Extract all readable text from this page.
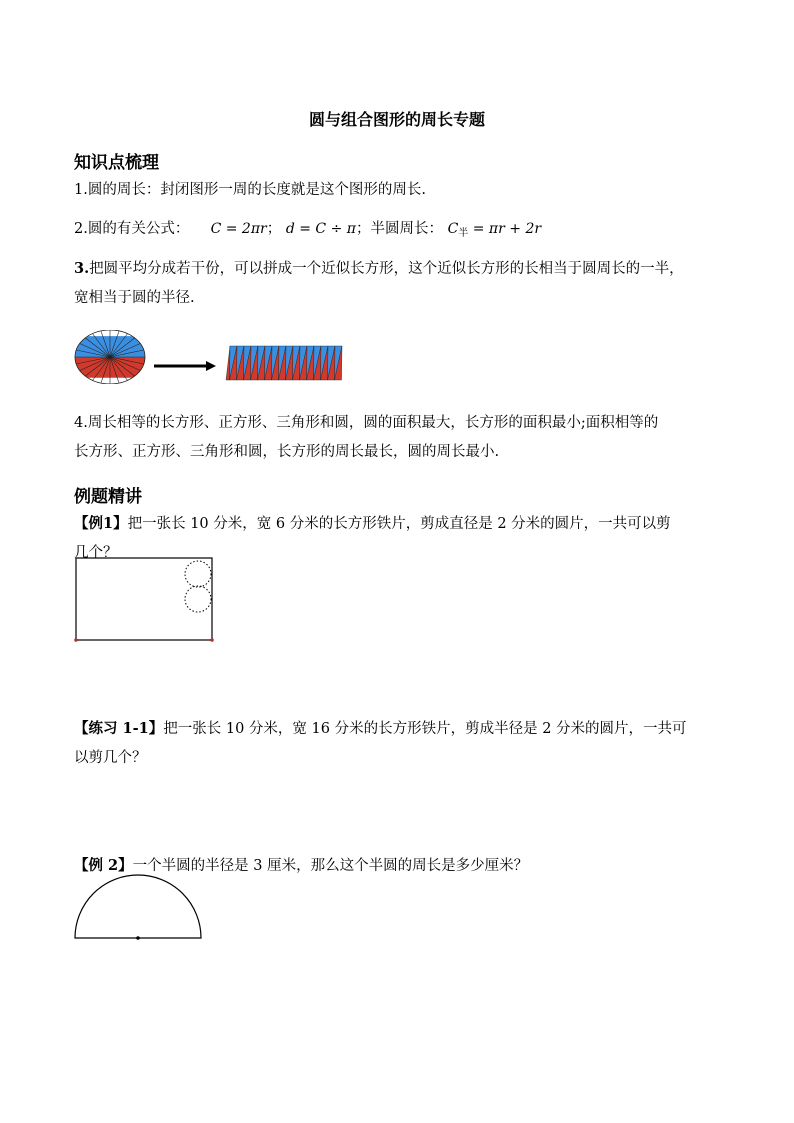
圆与组合图形的周长专题
知识点梳理
1.圆的周长：封闭图形一周的长度就是这个图形的周长.
2.圆的有关公式： C = 2πr； d = C ÷ π；半圆周长： $C_半 = \pi r + 2r$
3.把圆平均分成若干份，可以拼成一个近似长方形，这个近似长方形的长相当于圆周长的一半，
宽相当于圆的半径.
4.周长相等的长方形、正方形、三角形和圆，圆的面积最大，长方形的面积最小;面积相等的
长方形、正方形、三角形和圆，长方形的周长最长，圆的周长最小.
例题精讲
【例1】把一张长 10 分米，宽 6 分米的长方形铁片，剪成直径是 2 分米的圆片，一共可以剪
几个？
【练习 1-1】把一张长 10 分米，宽 16 分米的长方形铁片，剪成半径是 2 分米的圆片，一共可
以剪几个？
【例 2】一个半圆的半径是 3 厘米，那么这个半圆的周长是多少厘米？
